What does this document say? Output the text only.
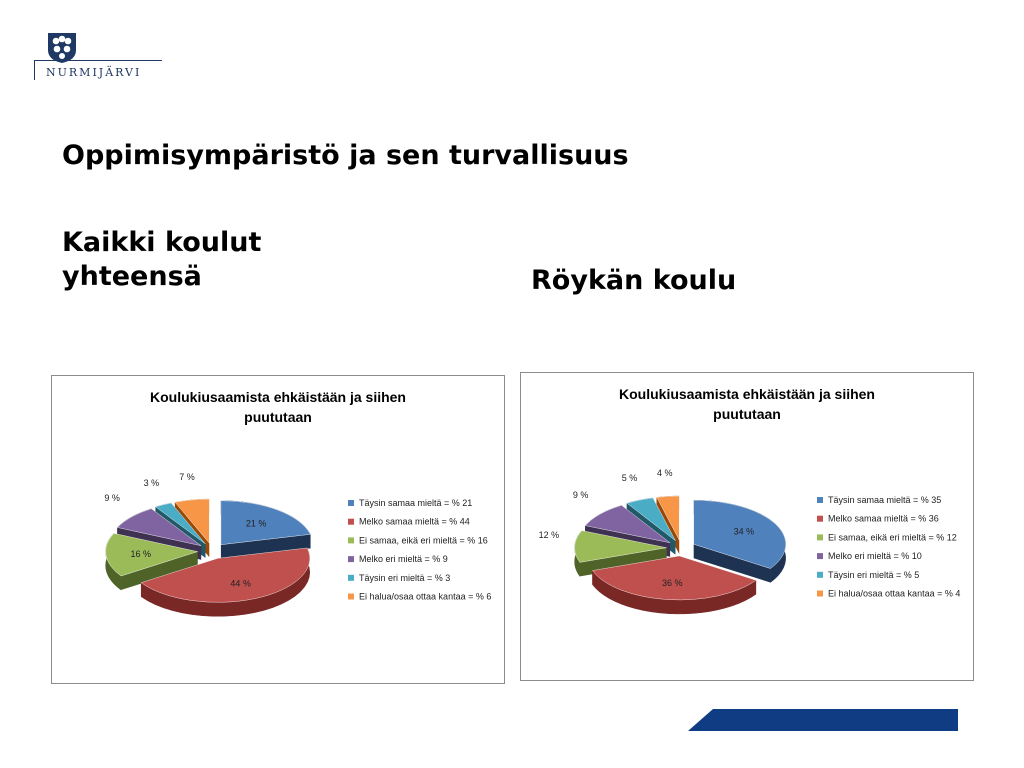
NURMIJÄRVI
Oppimisympäristö ja sen turvallisuus
Kaikki koulut
yhteensä	Röykän koulu
Koulukiusaamista ehkäistään ja siihen
puututaan
21 %
44 %
16 %
9 %
3 %
7 %
Täysin samaa mieltä = % 21
Melko samaa mieltä = % 44
Ei samaa, eikä eri mieltä = % 16
Melko eri mieltä = % 9
Täysin eri mieltä = % 3
Ei halua/osaa ottaa kantaa = % 6
Koulukiusaamista ehkäistään ja siihen
puututaan
34 %
36 %
12 %
9 %
5 % 4 %
Täysin samaa mieltä = % 35
Melko samaa mieltä = % 36
Ei samaa, eikä eri mieltä = % 12
Melko eri mieltä = % 10
Täysin eri mieltä = % 5
Ei halua/osaa ottaa kantaa = % 4
